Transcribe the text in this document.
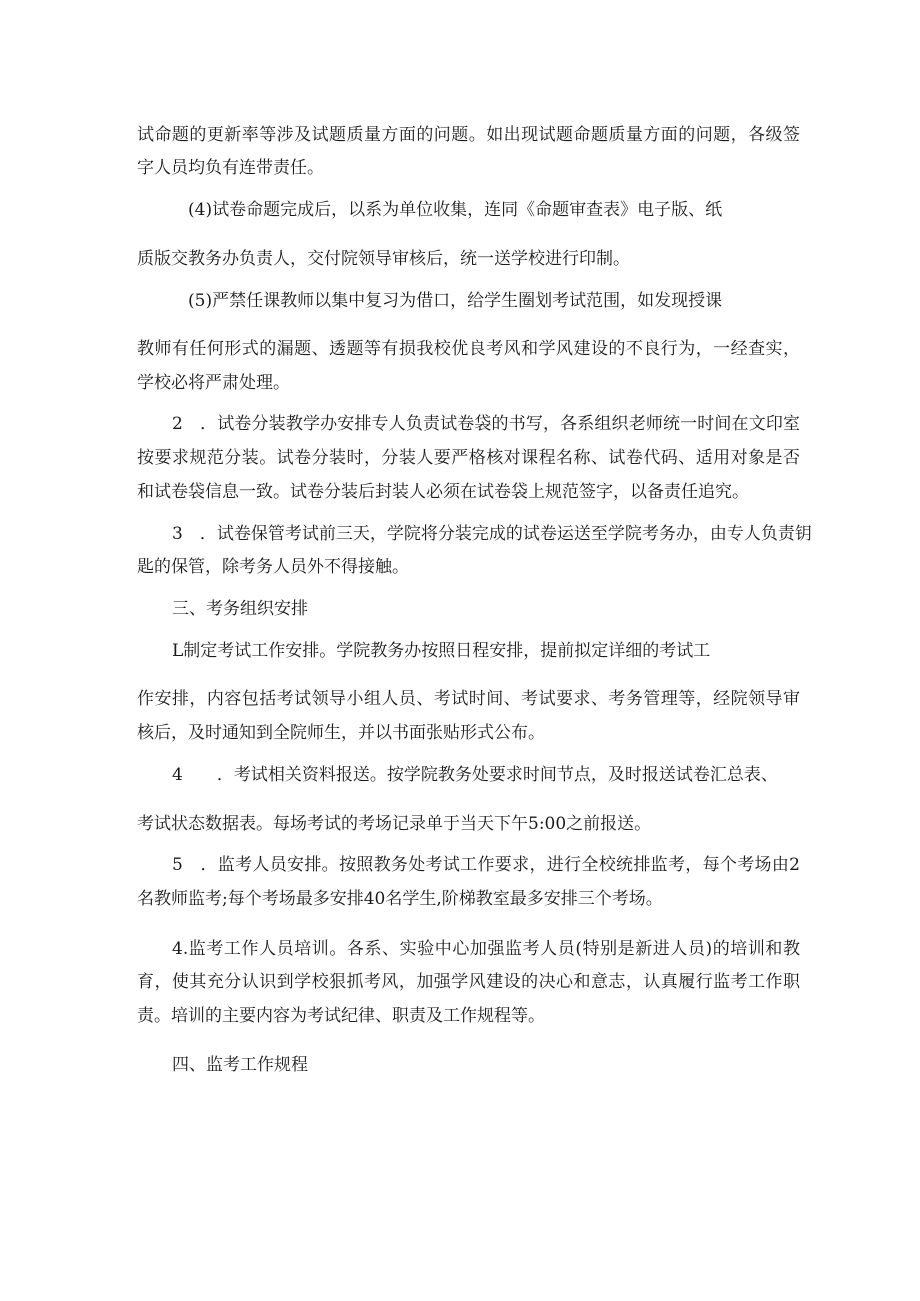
试命题的更新率等涉及试题质量方面的问题。如出现试题命题质量方面的问题，各级签

字人员均负有连带责任。

(4)试卷命题完成后，以系为单位收集，连同《命题审查表》电子版、纸

质版交教务办负责人，交付院领导审核后，统一送学校进行印制。

(5)严禁任课教师以集中复习为借口，给学生圈划考试范围，如发现授课

教师有任何形式的漏题、透题等有损我校优良考风和学风建设的不良行为，一经查实，

学校必将严肃处理。

2　．试卷分装教学办安排专人负责试卷袋的书写，各系组织老师统一时间在文印室

按要求规范分装。试卷分装时，分装人要严格核对课程名称、试卷代码、适用对象是否

和试卷袋信息一致。试卷分装后封装人必须在试卷袋上规范签字，以备责任追究。

3　．试卷保管考试前三天，学院将分装完成的试卷运送至学院考务办，由专人负责钥

匙的保管，除考务人员外不得接触。

三、考务组织安排

L制定考试工作安排。学院教务办按照日程安排，提前拟定详细的考试工

作安排，内容包括考试领导小组人员、考试时间、考试要求、考务管理等，经院领导审

核后，及时通知到全院师生，并以书面张贴形式公布。

4　　．考试相关资料报送。按学院教务处要求时间节点，及时报送试卷汇总表、

考试状态数据表。每场考试的考场记录单于当天下午5:00之前报送。

5　．监考人员安排。按照教务处考试工作要求，进行全校统排监考，每个考场由2

名教师监考;每个考场最多安排40名学生,阶梯教室最多安排三个考场。

4.监考工作人员培训。各系、实验中心加强监考人员(特别是新进人员)的培训和教

育，使其充分认识到学校狠抓考风，加强学风建设的决心和意志，认真履行监考工作职

责。培训的主要内容为考试纪律、职责及工作规程等。

四、监考工作规程
